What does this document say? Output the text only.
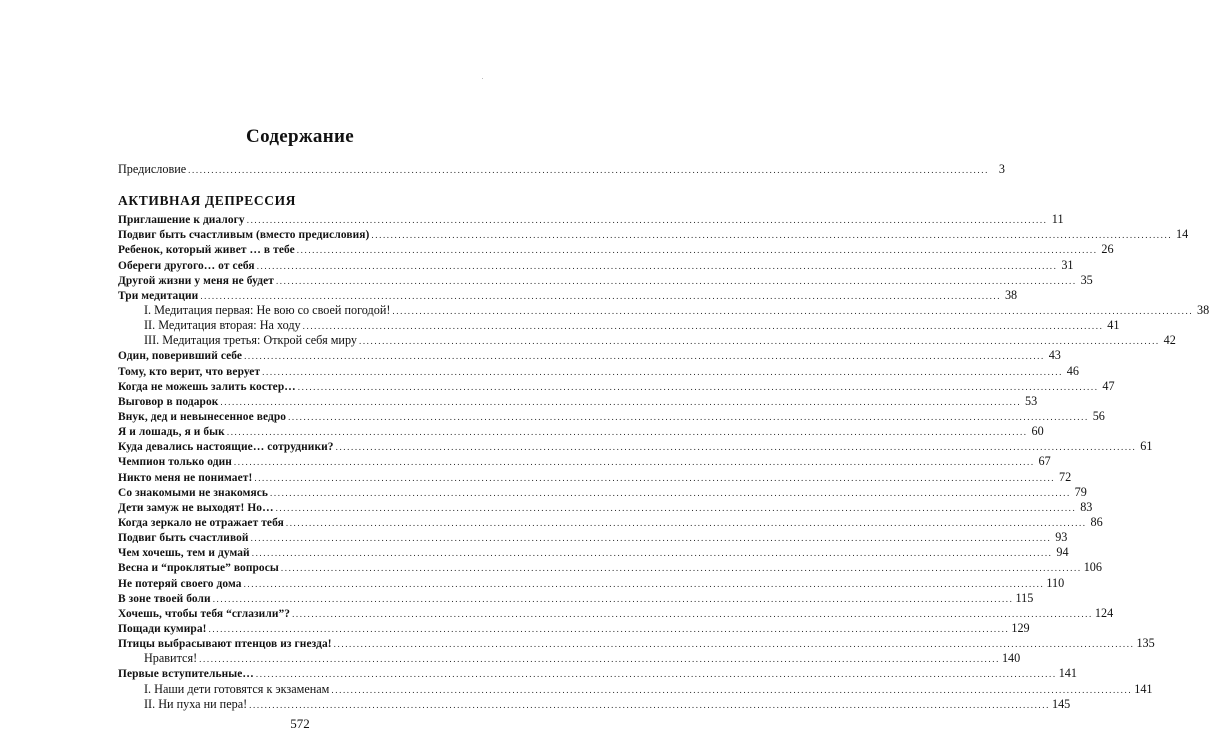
Содержание
Предисловие .....	3
АКТИВНАЯ ДЕПРЕССИЯ
Приглашение к диалогу .....	11
Подвиг быть счастливым (вместо предисловия) .....	14
Ребенок, который живет … в тебе .....	26
Обереги другого… от себя .....	31
Другой жизни у меня не будет .....	35
Три медитации .....	38
I. Медитация первая: Не вою со своей погодой! .....	38
II. Медитация вторая: На ходу .....	41
III. Медитация третья: Открой себя миру .....	42
Один, поверивший себе .....	43
Тому, кто верит, что верует .....	46
Когда не можешь залить костер… .....	47
Выговор в подарок .....	53
Внук, дед и невынесенное ведро .....	56
Я и лошадь, я и бык .....	60
Куда девались настоящие… сотрудники? .....	61
Чемпион только один .....	67
Никто меня не понимает! .....	72
Со знакомыми не знакомясь .....	79
Дети замуж не выходят! Но… .....	83
Когда зеркало не отражает тебя .....	86
Подвиг быть счастливой .....	93
Чем хочешь, тем и думай .....	94
Весна и “проклятые” вопросы .....	106
Не потеряй своего дома .....	110
В зоне твоей боли .....	115
Хочешь, чтобы тебя “сглазили”? .....	124
Пощади кумира! .....	129
Птицы выбрасывают птенцов из гнезда! .....	135
Нравится! .....	140
Первые вступительные… .....	141
I. Наши дети готовятся к экзаменам .....	141
II. Ни пуха ни пера! .....	145
572
